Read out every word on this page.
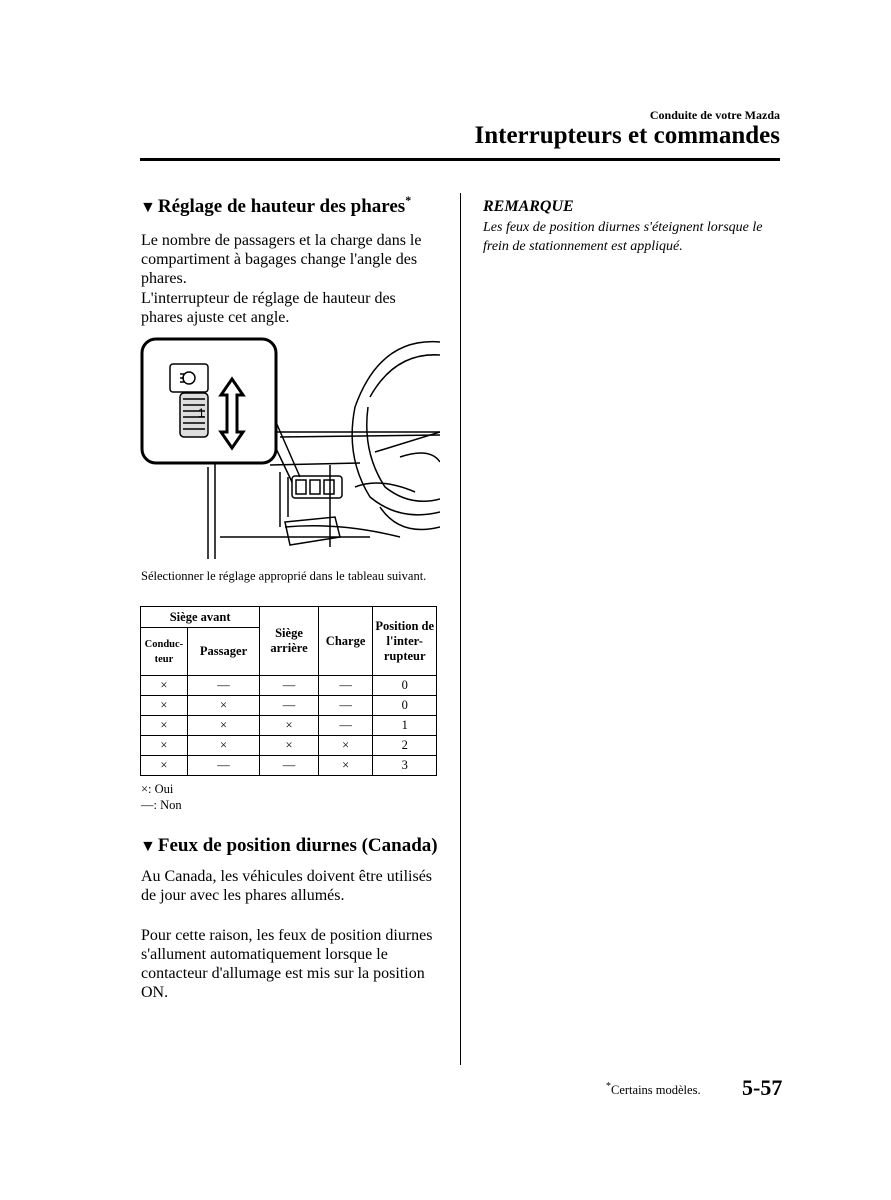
Conduite de votre Mazda
Interrupteurs et commandes
▼ Réglage de hauteur des phares*
Le nombre de passagers et la charge dans le compartiment à bagages change l'angle des phares.
L'interrupteur de réglage de hauteur des phares ajuste cet angle.
1
Sélectionner le réglage approprié dans le tableau suivant.
Siège avant		Siège arrière	Charge	Position de l'inter-rupteur
Conduc-teur	Passager			
×	—	—	—	0
×	×	—	—	0
×	×	×	—	1
×	×	×	×	2
×	—	—	×	3
×: Oui
—: Non
▼ Feux de position diurnes (Canada)
Au Canada, les véhicules doivent être utilisés de jour avec les phares allumés.
Pour cette raison, les feux de position diurnes s'allument automatiquement lorsque le contacteur d'allumage est mis sur la position ON.
REMARQUE
Les feux de position diurnes s'éteignent lorsque le frein de stationnement est appliqué.
*Certains modèles. 5-57
